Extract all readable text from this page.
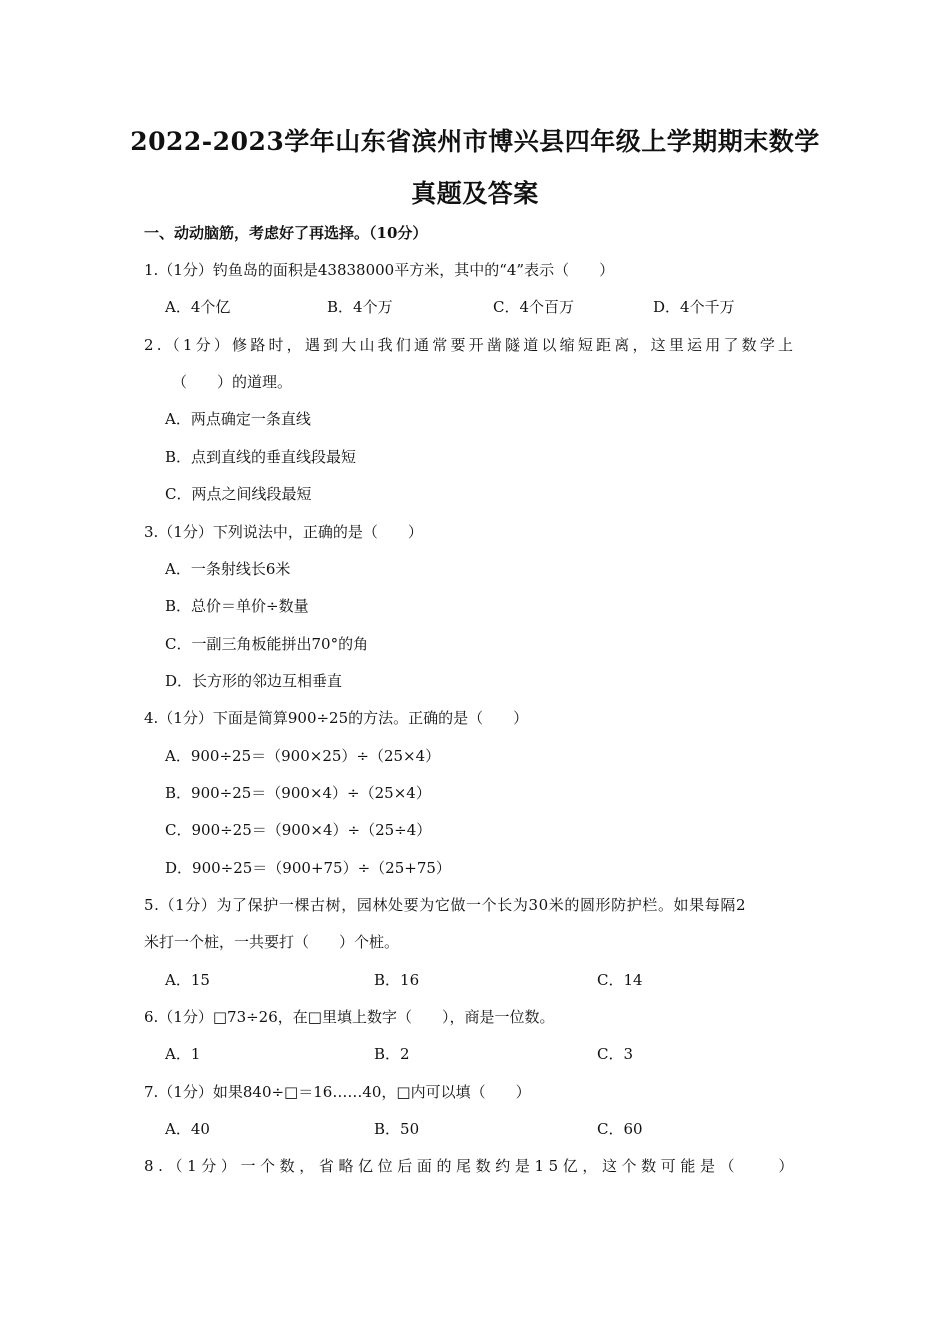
2022-2023学年山东省滨州市博兴县四年级上学期期末数学
真题及答案
一、动动脑筋，考虑好了再选择。（10分）
1.（1分）钓鱼岛的面积是43838000平方米，其中的“4”表示（　　）
A．4个亿	B．4个万	C．4个百万	D．4个千万
2.（1分）修路时，遇到大山我们通常要开凿隧道以缩短距离，这里运用了数学上
（　　）的道理。
A．两点确定一条直线
B．点到直线的垂直线段最短
C．两点之间线段最短
3.（1分）下列说法中，正确的是（　　）
A．一条射线长6米
B．总价＝单价÷数量
C．一副三角板能拼出70°的角
D．长方形的邻边互相垂直
4.（1分）下面是简算900÷25的方法。正确的是（　　）
A．900÷25＝（900×25）÷（25×4）
B．900÷25＝（900×4）÷（25×4）
C．900÷25＝（900×4）÷（25÷4）
D．900÷25＝（900+75）÷（25+75）
5.（1分）为了保护一棵古树，园林处要为它做一个长为30米的圆形防护栏。如果每隔2
米打一个桩，一共要打（　　）个桩。
A．15	B．16	C．14
6.（1分）□73÷26，在□里填上数字（　　），商是一位数。
A．1	B．2	C．3
7.（1分）如果840÷□＝16……40，□内可以填（　　）
A．40	B．50	C．60
8.（1分）一个数，省略亿位后面的尾数约是15亿，这个数可能是（　　）
